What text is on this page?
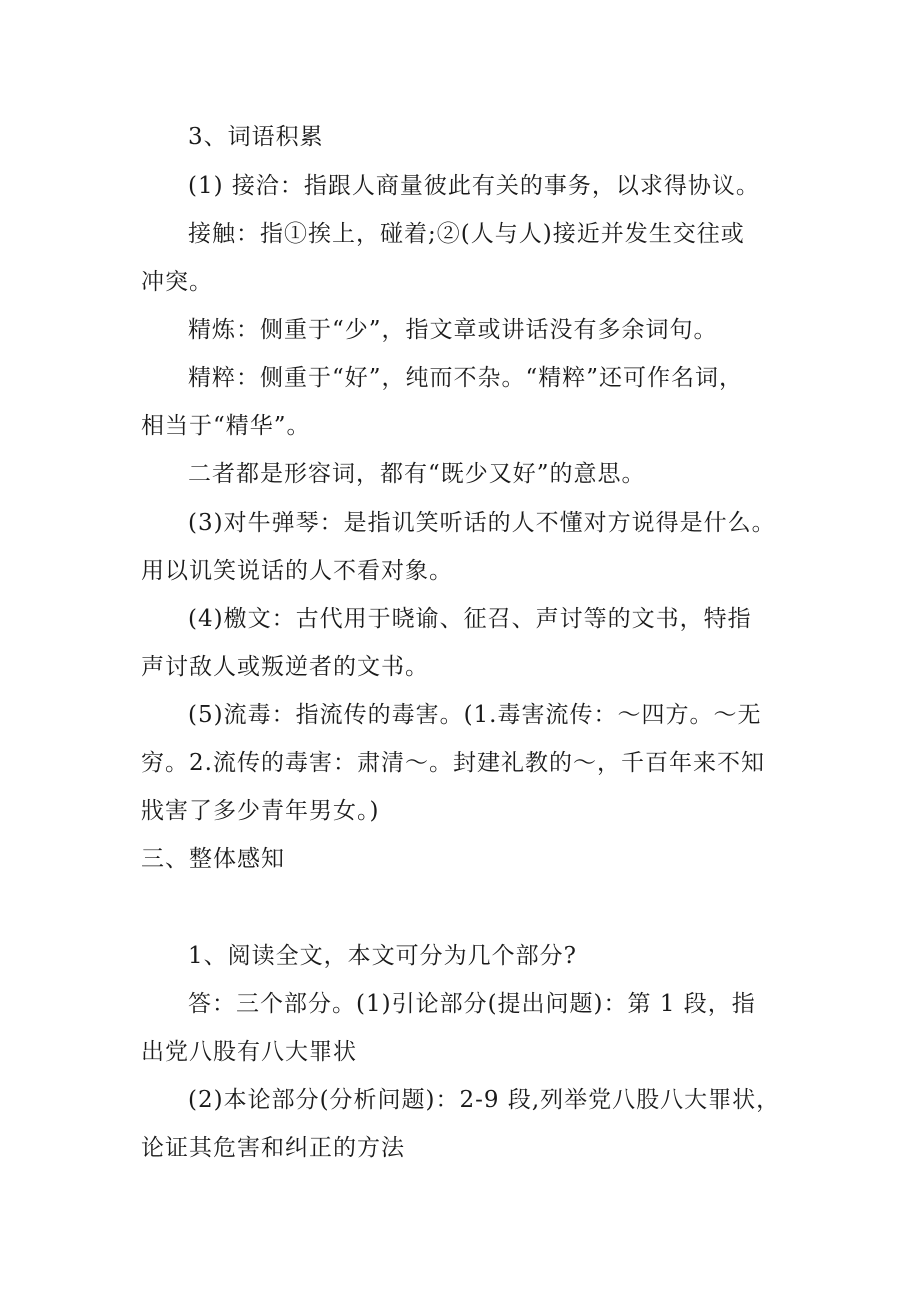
3、词语积累
(1) 接洽：指跟人商量彼此有关的事务，以求得协议。
接触：指①挨上，碰着;②(人与人)接近并发生交往或
冲突。
精炼：侧重于“少”，指文章或讲话没有多余词句。
精粹：侧重于“好”，纯而不杂。“精粹”还可作名词，
相当于“精华”。
二者都是形容词，都有“既少又好”的意思。
(3)对牛弹琴：是指讥笑听话的人不懂对方说得是什么。
用以讥笑说话的人不看对象。
(4)檄文：古代用于晓谕、征召、声讨等的文书，特指
声讨敌人或叛逆者的文书。
(5)流毒：指流传的毒害。(1.毒害流传：～四方。～无
穷。2.流传的毒害：肃清～。封建礼教的～，千百年来不知
戕害了多少青年男女。)
三、整体感知
1、阅读全文，本文可分为几个部分?
答：三个部分。(1)引论部分(提出问题)：第 1 段，指
出党八股有八大罪状
(2)本论部分(分析问题)：2-9 段,列举党八股八大罪状，
论证其危害和纠正的方法
